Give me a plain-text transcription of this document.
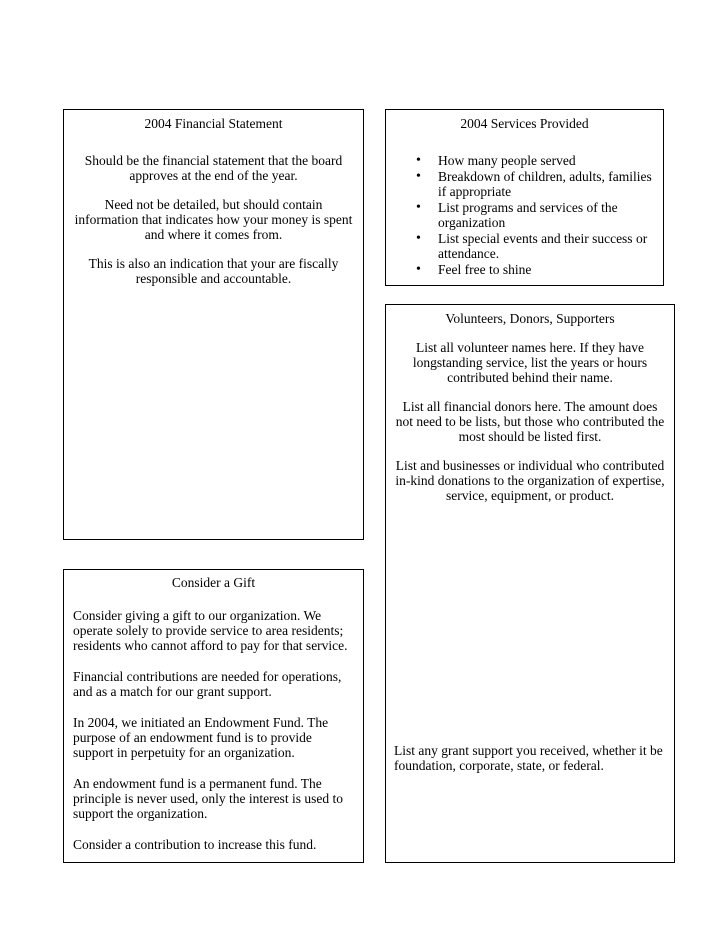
2004 Financial Statement

Should be the financial statement that the board approves at the end of the year.

Need not be detailed, but should contain information that indicates how your money is spent and where it comes from.

This is also an indication that your are fiscally responsible and accountable.

2004 Services Provided
• How many people served
• Breakdown of children, adults, families if appropriate
• List programs and services of the organization
• List special events and their success or attendance.
• Feel free to shine
Volunteers, Donors, Supporters

List all volunteer names here. If they have longstanding service, list the years or hours contributed behind their name.

List all financial donors here. The amount does not need to be lists, but those who contributed the most should be listed first.

List and businesses or individual who contributed in-kind donations to the organization of expertise, service, equipment, or product.

List any grant support you received, whether it be foundation, corporate, state, or federal.

Consider a Gift

Consider giving a gift to our organization. We operate solely to provide service to area residents; residents who cannot afford to pay for that service.

Financial contributions are needed for operations, and as a match for our grant support.

In 2004, we initiated an Endowment Fund. The purpose of an endowment fund is to provide support in perpetuity for an organization.

An endowment fund is a permanent fund. The principle is never used, only the interest is used to support the organization.

Consider a contribution to increase this fund.
